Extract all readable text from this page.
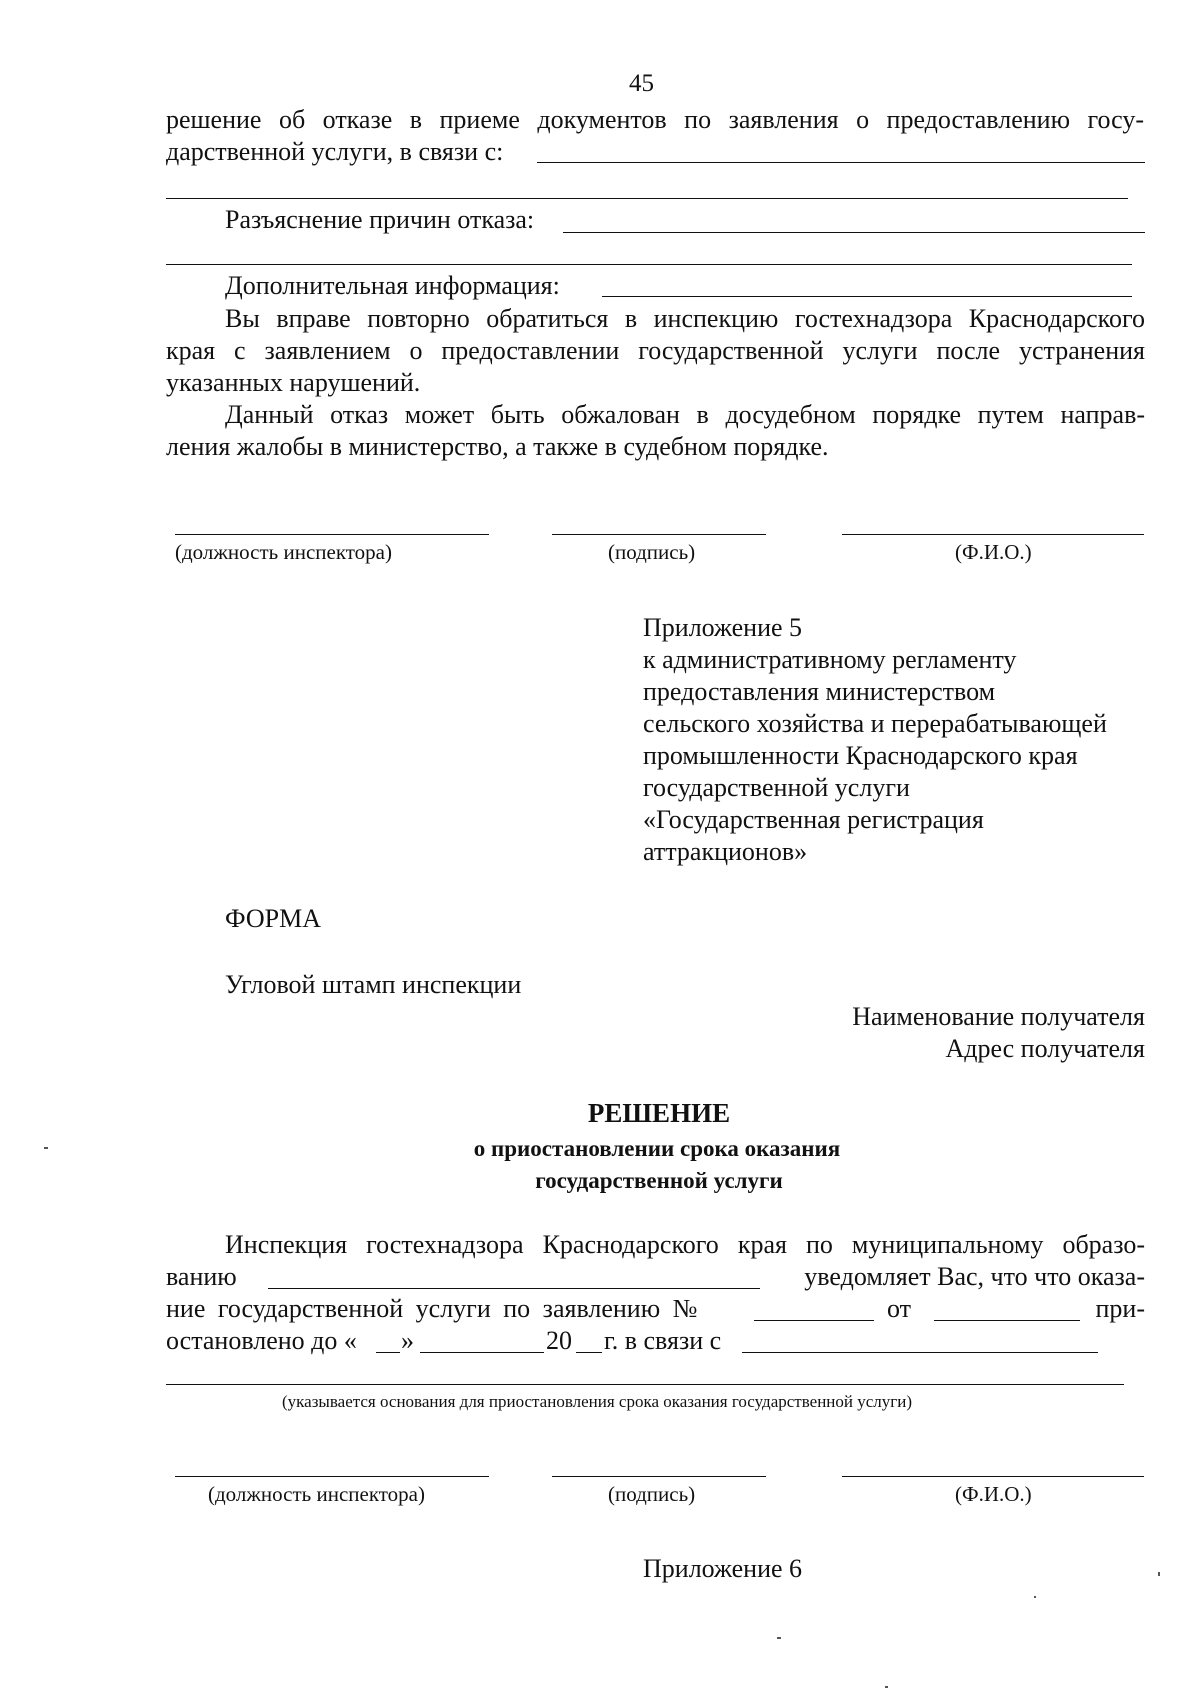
45
решение об отказе в приеме документов по заявления о предоставлению госу-
дарственной услуги, в связи с:
Разъяснение причин отказа:
Дополнительная информация:
Вы вправе повторно обратиться в инспекцию гостехнадзора Краснодарского
края с заявлением о предоставлении государственной услуги после устранения
указанных нарушений.
Данный отказ может быть обжалован в досудебном порядке путем направ-
ления жалобы в министерство, а также в судебном порядке.
(должность инспектора)	(подпись)	(Ф.И.О.)
Приложение 5
к административному регламенту
предоставления министерством
сельского хозяйства и перерабатывающей
промышленности Краснодарского края
государственной услуги
«Государственная регистрация
аттракционов»
ФОРМА
Угловой штамп инспекции
Наименование получателя
Адрес получателя
РЕШЕНИЕ
о приостановлении срока оказания
государственной услуги
Инспекция гостехнадзора Краснодарского края по муниципальному образо-
ванию	уведомляет Вас, что что оказа-
ние государственной услуги по заявлению №	от	при-
остановлено до « »	20 г. в связи с
(указывается основания для приостановления срока оказания государственной услуги)
(должность инспектора)	(подпись)	(Ф.И.О.)
Приложение 6
